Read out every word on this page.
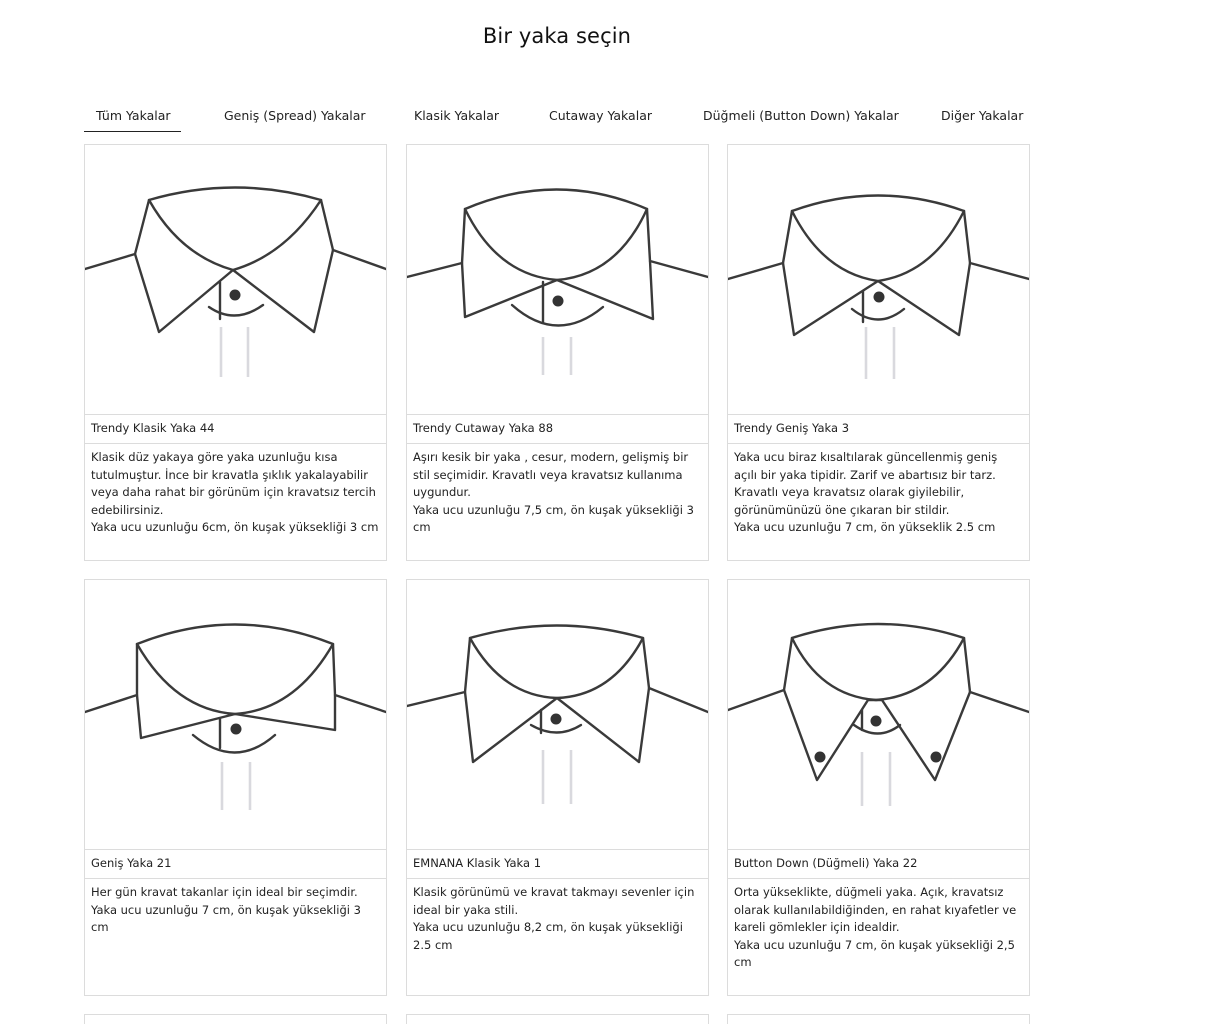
Bir yaka seçin
Tüm Yakalar	Geniş (Spread) Yakalar	Klasik Yakalar	Cutaway Yakalar	Düğmeli (Button Down) Yakalar	Diğer Yakalar
Trendy Klasik Yaka 44

Klasik düz yakaya göre yaka uzunluğu kısa tutulmuştur. İnce bir kravatla şıklık yakalayabilir veya daha rahat bir görünüm için kravatsız tercih edebilirsiniz.

Yaka ucu uzunluğu 6cm, ön kuşak yüksekliği 3 cm

Trendy Cutaway Yaka 88

Aşırı kesik bir yaka , cesur, modern, gelişmiş bir stil seçimidir. Kravatlı veya kravatsız kullanıma uygundur.

Yaka ucu uzunluğu 7,5 cm, ön kuşak yüksekliği 3 cm

Trendy Geniş Yaka 3

Yaka ucu biraz kısaltılarak güncellenmiş geniş açılı bir yaka tipidir. Zarif ve abartısız bir tarz. Kravatlı veya kravatsız olarak giyilebilir, görünümünüzü öne çıkaran bir stildir.

Yaka ucu uzunluğu 7 cm, ön yükseklik 2.5 cm

Geniş Yaka 21

Her gün kravat takanlar için ideal bir seçimdir.

Yaka ucu uzunluğu 7 cm, ön kuşak yüksekliği 3 cm

EMNANA Klasik Yaka 1

Klasik görünümü ve kravat takmayı sevenler için ideal bir yaka stili.

Yaka ucu uzunluğu 8,2 cm, ön kuşak yüksekliği 2.5 cm

Button Down (Düğmeli) Yaka 22

Orta yükseklikte, düğmeli yaka. Açık, kravatsız olarak kullanılabildiğinden, en rahat kıyafetler ve kareli gömlekler için idealdir.

Yaka ucu uzunluğu 7 cm, ön kuşak yüksekliği 2,5 cm
